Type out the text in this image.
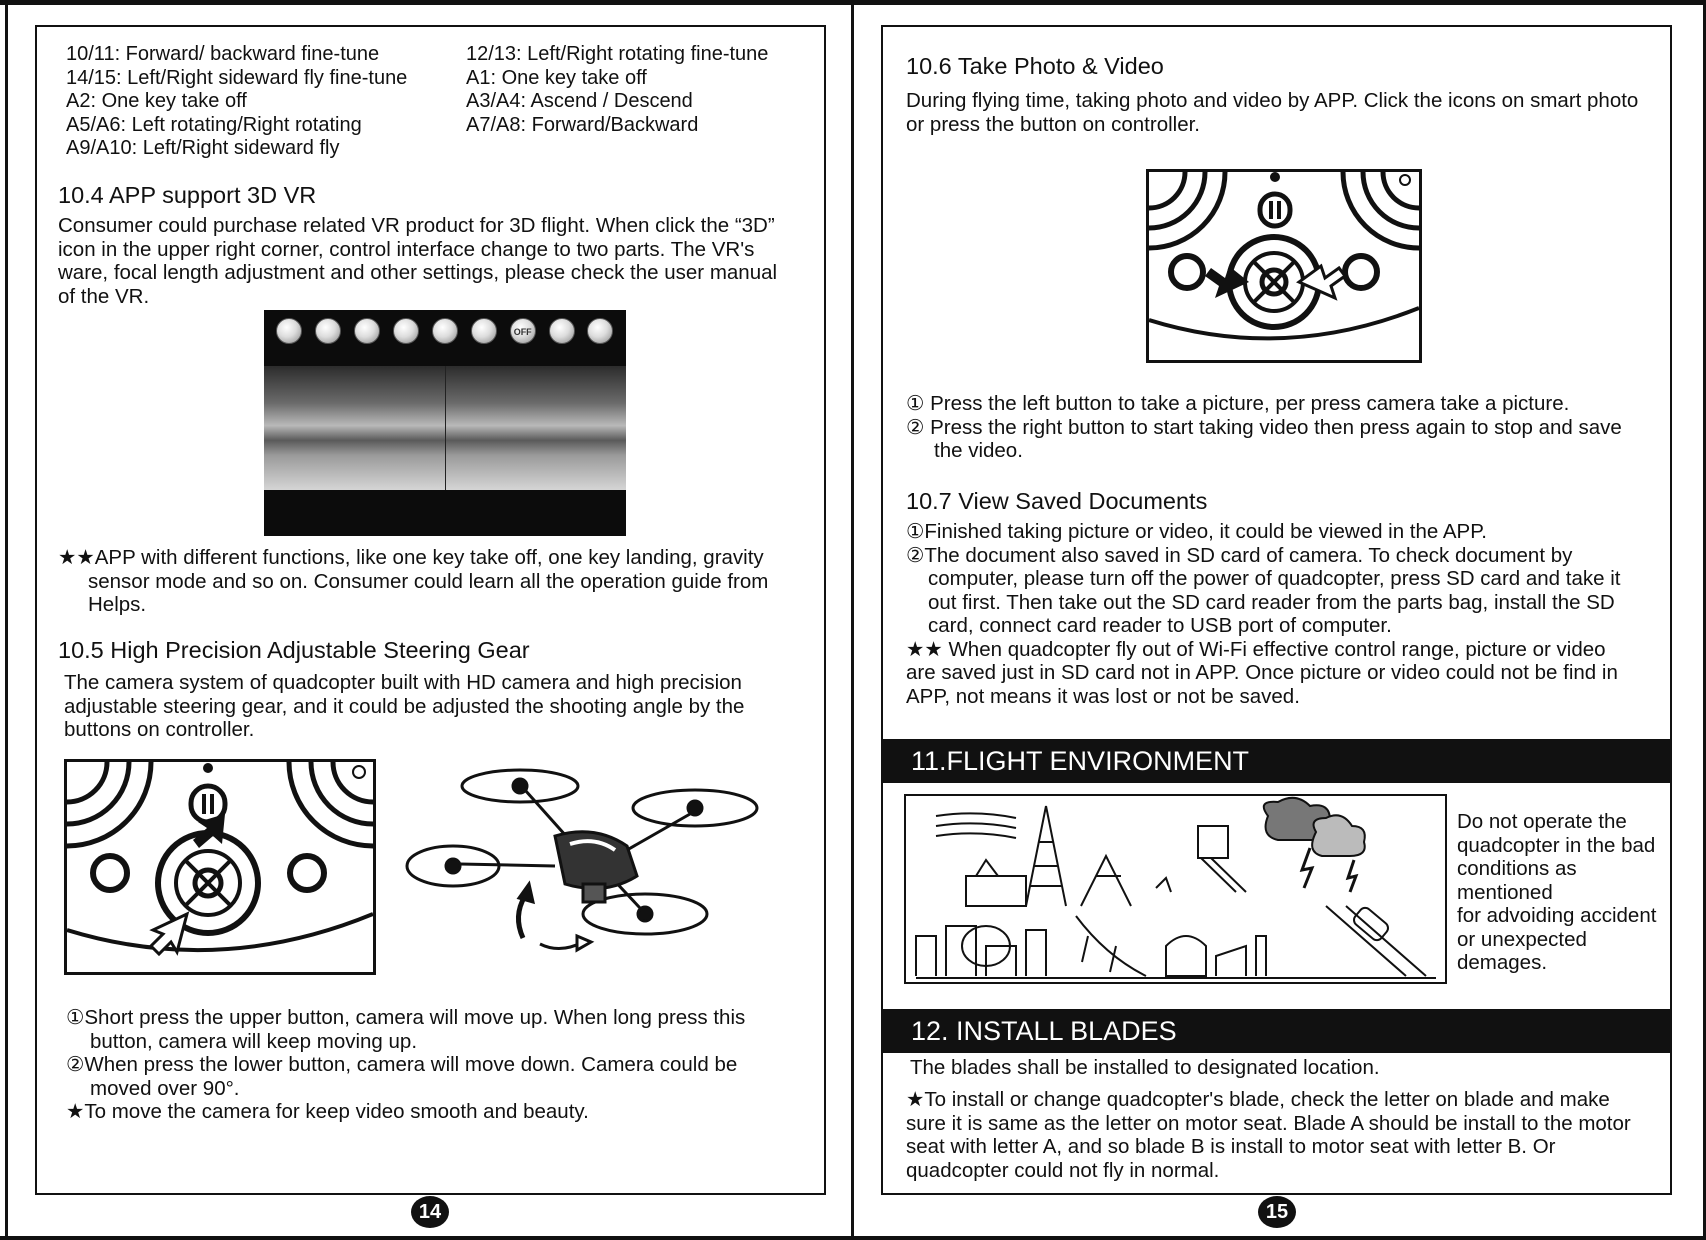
10/11: Forward/ backward fine-tune	12/13: Left/Right rotating fine-tune
14/15: Left/Right sideward fly fine-tune	A1: One key take off
A2: One key take off	A3/A4: Ascend / Descend
A5/A6: Left rotating/Right rotating	A7/A8: Forward/Backward
A9/A10: Left/Right sideward fly
10.4 APP support 3D VR
Consumer could purchase related VR product for 3D flight. When click the “3D”
icon in the upper right corner, control interface change to two parts. The VR's
ware, focal length adjustment and other settings, please check the user manual
of the VR.
OFF
★★APP with different functions, like one key take off, one key landing, gravity
sensor mode and so on. Consumer could learn all the operation guide from
Helps.
10.5 High Precision Adjustable Steering Gear
The camera system of quadcopter built with HD camera and high precision
adjustable steering gear, and it could be adjusted the shooting angle by the
buttons on controller.
①Short press the upper button, camera will move up. When long press this
button, camera will keep moving up.
②When press the lower button, camera will move down. Camera could be
moved over 90°.
★To move the camera for keep video smooth and beauty.
14
10.6 Take Photo & Video
During flying time, taking photo and video by APP. Click the icons on smart photo
or press the button on controller.
① Press the left button to take a picture, per press camera take a picture.
② Press the right button to start taking video then press again to stop and save
the video.
10.7 View Saved Documents
①Finished taking picture or video, it could be viewed in the APP.
②The document also saved in SD card of camera. To check document by
computer, please turn off the power of quadcopter, press SD card and take it
out first. Then take out the SD card reader from the parts bag, install the SD
card, connect card reader to USB port of computer.
★★ When quadcopter fly out of Wi-Fi effective control range, picture or video
are saved just in SD card not in APP. Once picture or video could not be find in
APP, not means it was lost or not be saved.
11.FLIGHT ENVIRONMENT
Do not operate the
quadcopter in the bad
conditions as
mentioned
for advoiding accident
or unexpected
demages.
12. INSTALL BLADES
The blades shall be installed to designated location.
★To install or change quadcopter's blade, check the letter on blade and make
sure it is same as the letter on motor seat. Blade A should be install to the motor
seat with letter A, and so blade B is install to motor seat with letter B. Or
quadcopter could not fly in normal.
15
